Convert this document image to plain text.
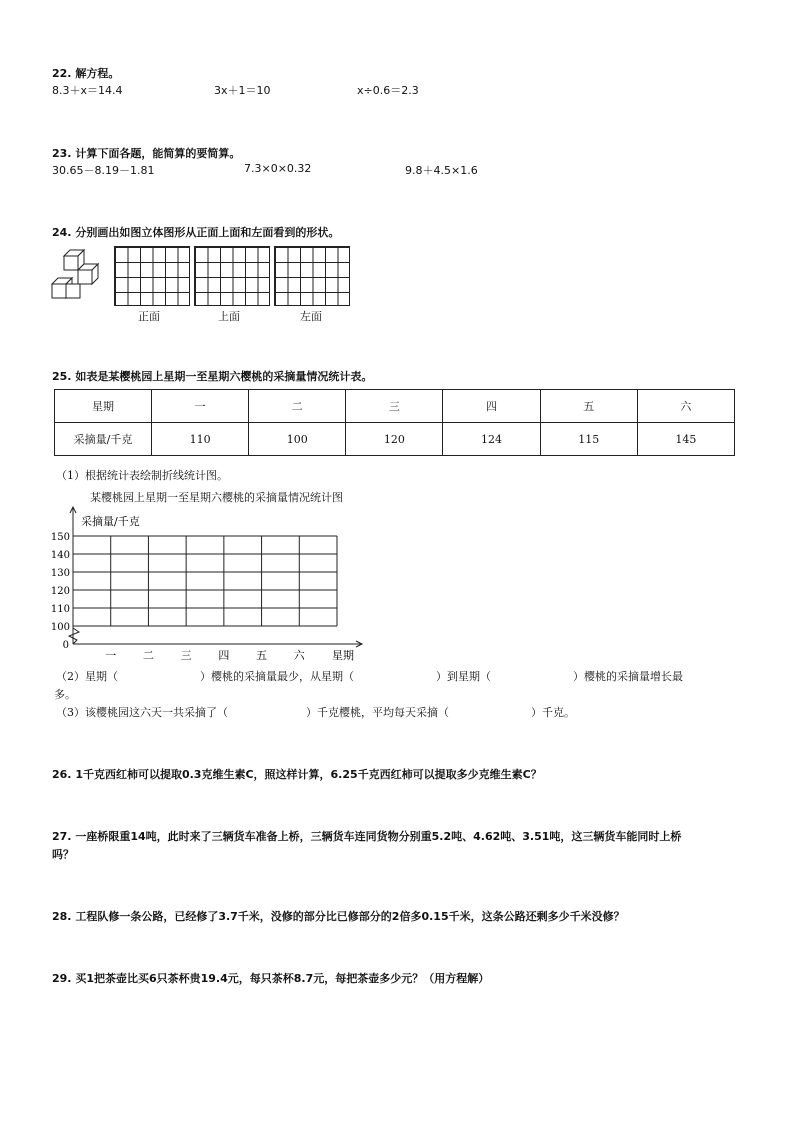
22. 解方程。
8.3＋x＝14.4	3x＋1＝10	x÷0.6＝2.3
23. 计算下面各题，能简算的要简算。
30.65－8.19－1.81	7.3×0×0.32	9.8＋4.5×1.6
24. 分别画出如图立体图形从正面上面和左面看到的形状。
正面	上面	左面
25. 如表是某樱桃园上星期一至星期六樱桃的采摘量情况统计表。
星期	一	二	三	四	五	六
采摘量/千克	110	100	120	124	115	145
（1）根据统计表绘制折线统计图。
某樱桃园上星期一至星期六樱桃的采摘量情况统计图
采摘量/千克
150
140
130
120
110
100
0
一 二 三 四 五 六 星期
（2）星期（	）樱桃的采摘量最少，从星期（	）到星期（	）樱桃的采摘量增长最
多。
（3）该樱桃园这六天一共采摘了（	）千克樱桃，平均每天采摘（	）千克。
26. 1千克西红柿可以提取0.3克维生素C，照这样计算，6.25千克西红柿可以提取多少克维生素C？
27. 一座桥限重14吨，此时来了三辆货车准备上桥，三辆货车连同货物分别重5.2吨、4.62吨、3.51吨，这三辆货车能同时上桥
吗？
28. 工程队修一条公路，已经修了3.7千米，没修的部分比已修部分的2倍多0.15千米，这条公路还剩多少千米没修？
29. 买1把茶壶比买6只茶杯贵19.4元，每只茶杯8.7元，每把茶壶多少元？（用方程解）
